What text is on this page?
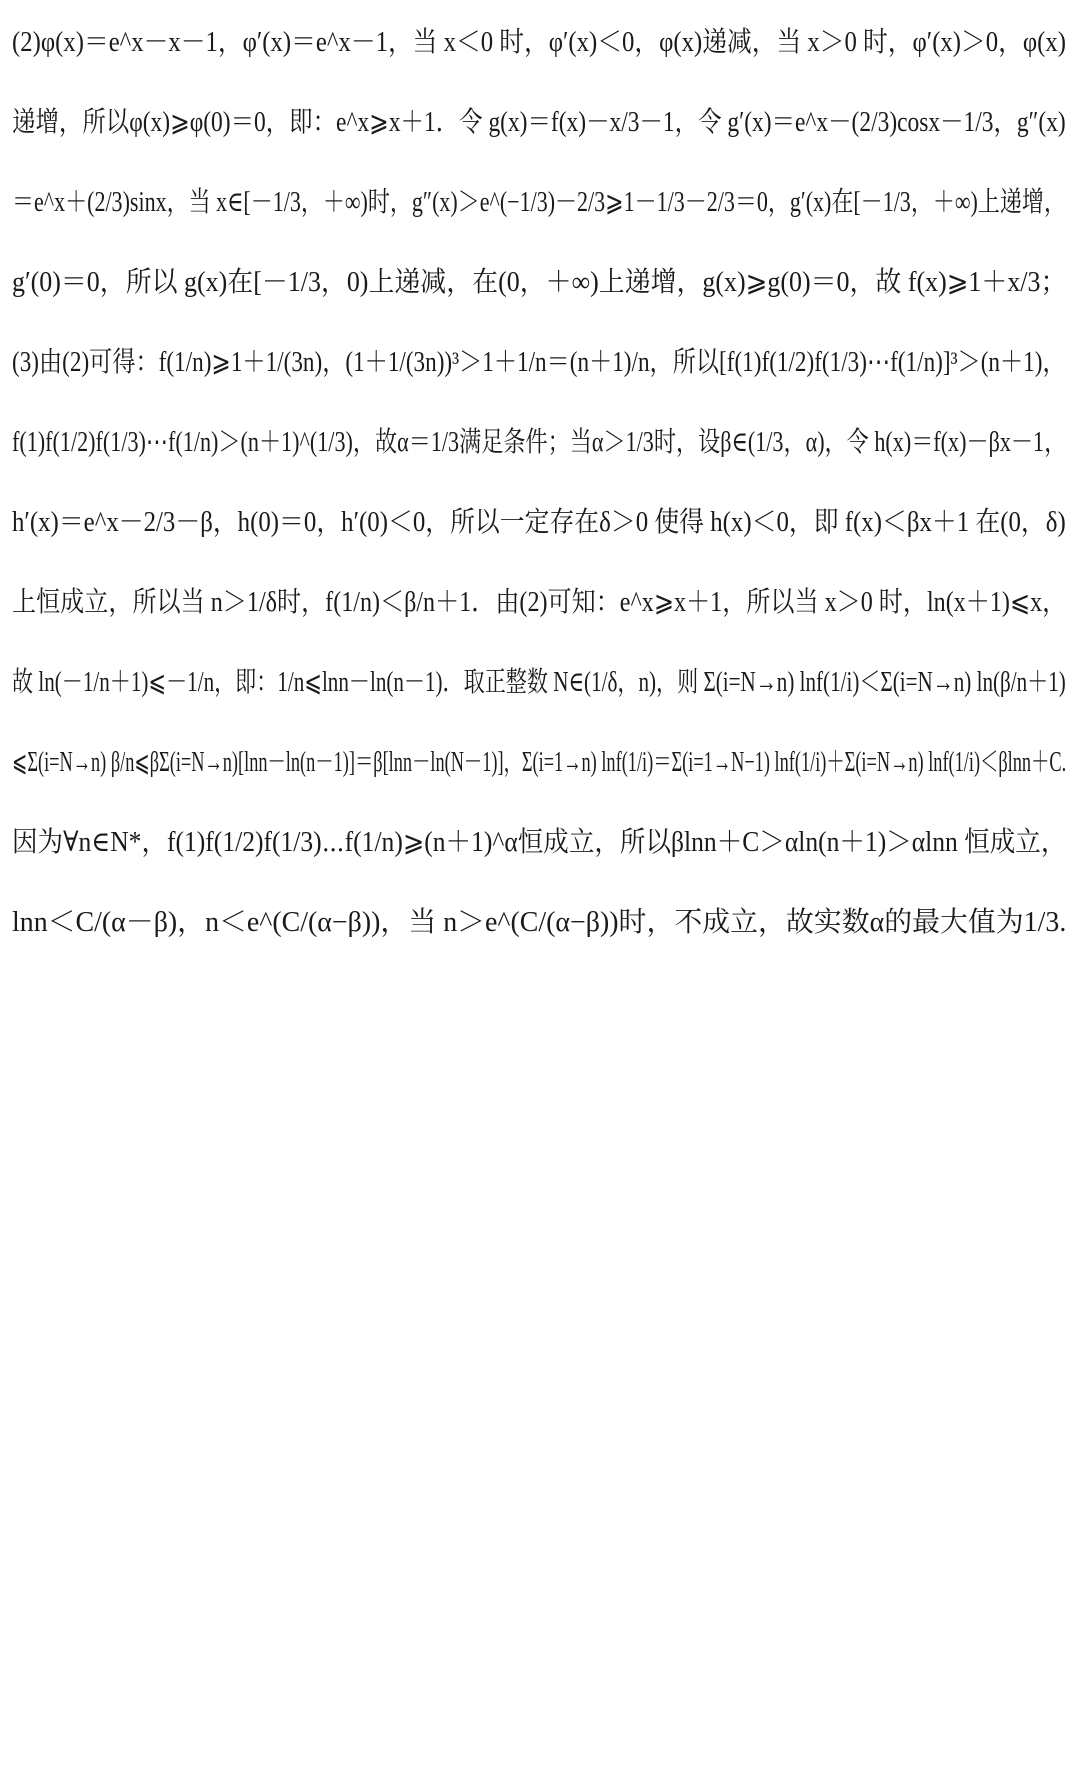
(2)φ(x)＝e^x－x－1，φ′(x)＝e^x－1，当 x＜0 时，φ′(x)＜0，φ(x)递减，当 x＞0 时，φ′(x)＞0，φ(x)
递增，所以φ(x)⩾φ(0)＝0，即：e^x⩾x＋1．令 g(x)＝f(x)－x/3－1，令 g′(x)＝e^x－(2/3)cosx－1/3，g″(x)
＝e^x＋(2/3)sinx，当 x∈[－1/3，＋∞)时，g″(x)＞e^(−1/3)－2/3⩾1－1/3－2/3＝0，g′(x)在[－1/3，＋∞)上递增，
g′(0)＝0，所以 g(x)在[－1/3，0)上递减，在(0，＋∞)上递增，g(x)⩾g(0)＝0，故 f(x)⩾1＋x/3；
(3)由(2)可得：f(1/n)⩾1＋1/(3n)，(1＋1/(3n))³＞1＋1/n＝(n＋1)/n，所以[f(1)f(1/2)f(1/3)⋯f(1/n)]³＞(n＋1)，
f(1)f(1/2)f(1/3)⋯f(1/n)＞(n＋1)^(1/3)，故α＝1/3满足条件；当α＞1/3时，设β∈(1/3，α)，令 h(x)＝f(x)－βx－1，
h′(x)＝e^x－2/3－β，h(0)＝0，h′(0)＜0，所以一定存在δ＞0 使得 h(x)＜0，即 f(x)＜βx＋1 在(0，δ)
上恒成立，所以当 n＞1/δ时，f(1/n)＜β/n＋1．由(2)可知：e^x⩾x＋1，所以当 x＞0 时，ln(x＋1)⩽x，
故 ln(－1/n＋1)⩽－1/n，即：1/n⩽lnn－ln(n－1)．取正整数 N∈(1/δ，n)，则 Σ(i=N→n) lnf(1/i)＜Σ(i=N→n) ln(β/n＋1)
⩽Σ(i=N→n) β/n⩽βΣ(i=N→n)[lnn－ln(n－1)]＝β[lnn－ln(N－1)]，Σ(i=1→n) lnf(1/i)＝Σ(i=1→N−1) lnf(1/i)＋Σ(i=N→n) lnf(1/i)＜βlnn＋C.
因为∀n∈N*，f(1)f(1/2)f(1/3)⋯f(1/n)⩾(n＋1)^α恒成立，所以βlnn＋C＞αln(n＋1)＞αlnn 恒成立，
lnn＜C/(α－β)，n＜e^(C/(α−β))，当 n＞e^(C/(α−β))时，不成立，故实数α的最大值为1/3.
